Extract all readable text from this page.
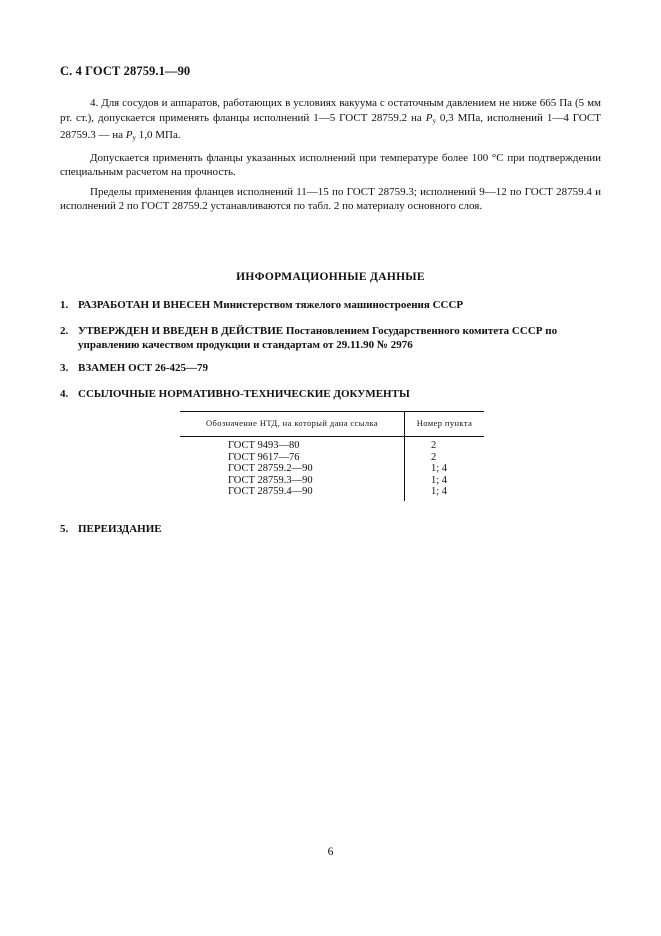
С. 4 ГОСТ 28759.1—90

4. Для сосудов и аппаратов, работающих в условиях вакуума с остаточным давлением не ниже 665 Па (5 мм рт. ст.), допускается применять фланцы исполнений 1—5 ГОСТ 28759.2 на $P_y$ 0,3 МПа, исполнений 1—4 ГОСТ 28759.3 — на $P_y$ 1,0 МПа.

Допускается применять фланцы указанных исполнений при температуре более 100 °С при подтверждении специальным расчетом на прочность.

Пределы применения фланцев исполнений 11—15 по ГОСТ 28759.3; исполнений 9—12 по ГОСТ 28759.4 и исполнений 2 по ГОСТ 28759.2 устанавливаются по табл. 2 по материалу основного слоя.

ИНФОРМАЦИОННЫЕ ДАННЫЕ
1. РАЗРАБОТАН И ВНЕСЕН Министерством тяжелого машиностроения СССР
2. УТВЕРЖДЕН И ВВЕДЕН В ДЕЙСТВИЕ Постановлением Государственного комитета СССР по
управлению качеством продукции и стандартам от 29.11.90 № 2976
3. ВЗАМЕН ОСТ 26-425—79
4. ССЫЛОЧНЫЕ НОРМАТИВНО-ТЕХНИЧЕСКИЕ ДОКУМЕНТЫ
Обозначение НТД, на который дана ссылка	Номер пункта
ГОСТ 9493—80	2
ГОСТ 9617—76	2
ГОСТ 28759.2—90	1; 4
ГОСТ 28759.3—90	1; 4
ГОСТ 28759.4—90	1; 4
5. ПЕРЕИЗДАНИЕ
6
